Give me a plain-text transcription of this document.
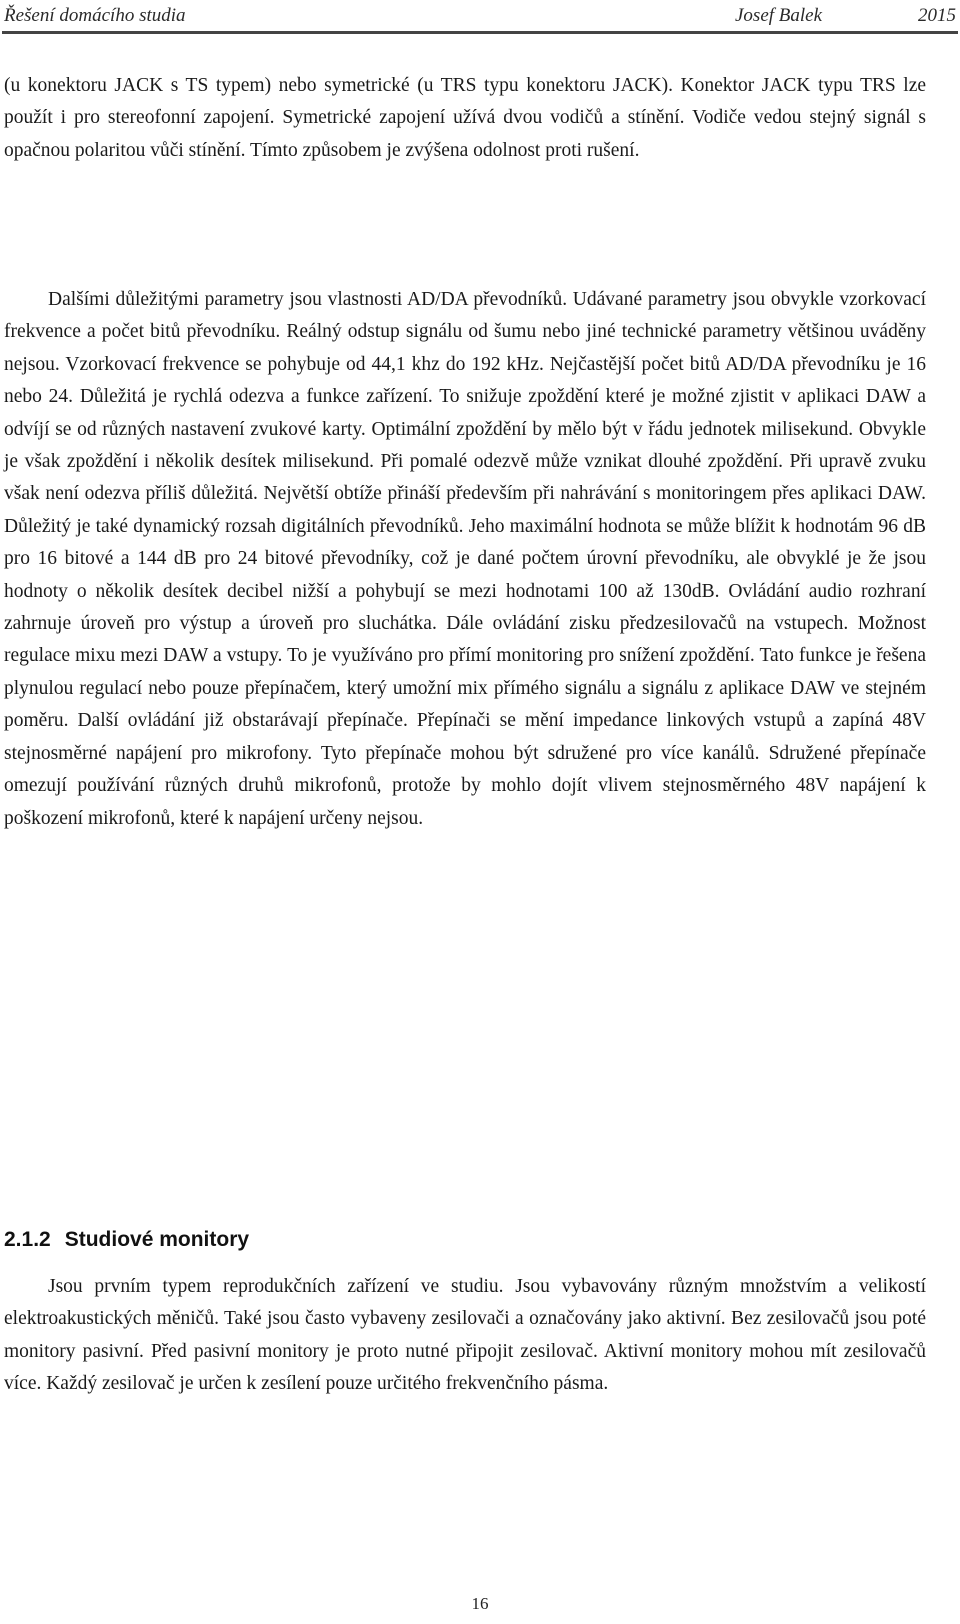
Řešení domácího studia	Josef Balek	2015

(u konektoru JACK s TS typem) nebo symetrické (u TRS typu konektoru JACK). Konektor JACK typu TRS lze použít i pro stereofonní zapojení. Symetrické zapojení užívá dvou vodičů a stínění. Vodiče vedou stejný signál s opačnou polaritou vůči stínění. Tímto způsobem je zvýšena odolnost proti rušení.

Dalšími důležitými parametry jsou vlastnosti AD/DA převodníků. Udávané parametry jsou obvykle vzorkovací frekvence a počet bitů převodníku. Reálný odstup signálu od šumu nebo jiné technické parametry většinou uváděny nejsou. Vzorkovací frekvence se pohybuje od 44,1 khz do 192 kHz. Nejčastější počet bitů AD/DA převodníku je 16 nebo 24. Důležitá je rychlá odezva a funkce zařízení. To snižuje zpoždění které je možné zjistit v aplikaci DAW a odvíjí se od různých nastavení zvukové karty. Optimální zpoždění by mělo být v řádu jednotek milisekund. Obvykle je však zpoždění i několik desítek milisekund. Při pomalé odezvě může vznikat dlouhé zpoždění. Při upravě zvuku však není odezva příliš důležitá. Největší obtíže přináší především při nahrávání s monitoringem přes aplikaci DAW. Důležitý je také dynamický rozsah digitálních převodníků. Jeho maximální hodnota se může blížit k hodnotám 96 dB pro 16 bitové a 144 dB pro 24 bitové převodníky, což je dané počtem úrovní převodníku, ale obvyklé je že jsou hodnoty o několik desítek decibel nižší a pohybují se mezi hodnotami 100 až 130dB. Ovládání audio rozhraní zahrnuje úroveň pro výstup a úroveň pro sluchátka. Dále ovládání zisku předzesilovačů na vstupech. Možnost regulace mixu mezi DAW a vstupy. To je využíváno pro přímí monitoring pro snížení zpoždění. Tato funkce je řešena plynulou regulací nebo pouze přepínačem, který umožní mix přímého signálu a signálu z aplikace DAW ve stejném poměru. Další ovládání již obstarávají přepínače. Přepínači se mění impedance linkových vstupů a zapíná 48V stejnosměrné napájení pro mikrofony. Tyto přepínače mohou být sdružené pro více kanálů. Sdružené přepínače omezují používání různých druhů mikrofonů, protože by mohlo dojít vlivem stejnosměrného 48V napájení k poškození mikrofonů, které k napájení určeny nejsou.

2.1.2 Studiové monitory

Jsou prvním typem reprodukčních zařízení ve studiu. Jsou vybavovány různým množstvím a velikostí elektroakustických měničů. Také jsou často vybaveny zesilovači a označovány jako aktivní. Bez zesilovačů jsou poté monitory pasivní. Před pasivní monitory je proto nutné připojit zesilovač. Aktivní monitory mohou mít zesilovačů více. Každý zesilovač je určen k zesílení pouze určitého frekvenčního pásma.

16
